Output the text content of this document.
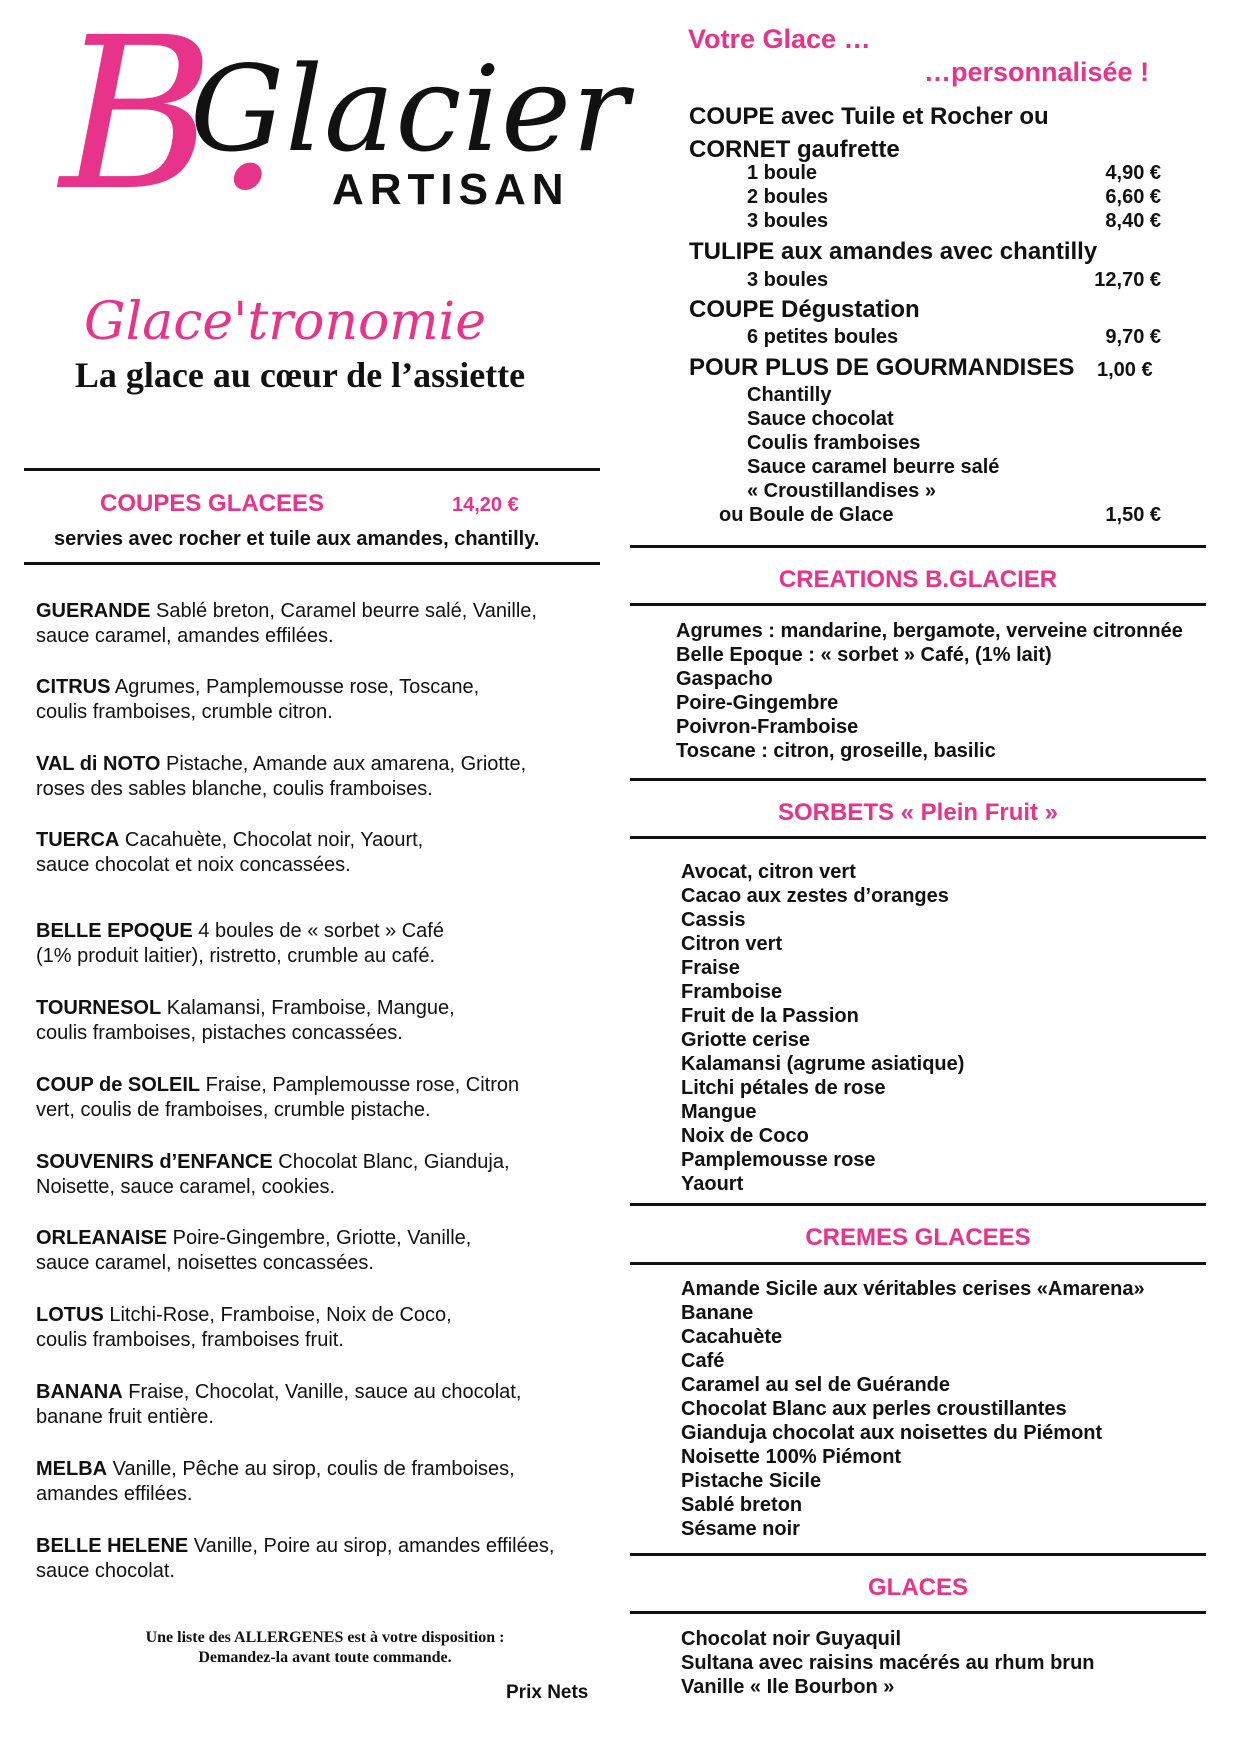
B.
Glacier
ARTISAN
Glace'tronomie
La glace au cœur de l’assiette
COUPES GLACEES	14,20 €
servies avec rocher et tuile aux amandes, chantilly.

GUERANDE Sablé breton, Caramel beurre salé, Vanille,

sauce caramel, amandes effilées.

CITRUS Agrumes, Pamplemousse rose, Toscane,

coulis framboises, crumble citron.

VAL di NOTO Pistache, Amande aux amarena, Griotte,

roses des sables blanche, coulis framboises.

TUERCA Cacahuète, Chocolat noir, Yaourt,

sauce chocolat et noix concassées.

BELLE EPOQUE 4 boules de « sorbet » Café

(1% produit laitier), ristretto, crumble au café.

TOURNESOL Kalamansi, Framboise, Mangue,

coulis framboises, pistaches concassées.

COUP de SOLEIL Fraise, Pamplemousse rose, Citron

vert, coulis de framboises, crumble pistache.

SOUVENIRS d’ENFANCE Chocolat Blanc, Gianduja,

Noisette, sauce caramel, cookies.

ORLEANAISE Poire-Gingembre, Griotte, Vanille,

sauce caramel, noisettes concassées.

LOTUS Litchi-Rose, Framboise, Noix de Coco,

coulis framboises, framboises fruit.

BANANA Fraise, Chocolat, Vanille, sauce au chocolat,

banane fruit entière.

MELBA Vanille, Pêche au sirop, coulis de framboises,

amandes effilées.

BELLE HELENE Vanille, Poire au sirop, amandes effilées,

sauce chocolat.

Une liste des ALLERGENES est à votre disposition :
Demandez-la avant toute commande.
Prix Nets
Votre Glace …
…personnalisée !
COUPE avec Tuile et Rocher ou
CORNET gaufrette
1 boule	4,90 €
2 boules	6,60 €
3 boules	8,40 €
TULIPE aux amandes avec chantilly
3 boules	12,70 €
COUPE Dégustation
6 petites boules	9,70 €
POUR PLUS DE GOURMANDISES 1,00 €
Chantilly
Sauce chocolat
Coulis framboises
Sauce caramel beurre salé
« Croustillandises »
ou Boule de Glace	1,50 €
CREATIONS B.GLACIER
Agrumes : mandarine, bergamote, verveine citronnée
Belle Epoque : « sorbet » Café, (1% lait)
Gaspacho
Poire-Gingembre
Poivron-Framboise
Toscane : citron, groseille, basilic
SORBETS « Plein Fruit »
Avocat, citron vert
Cacao aux zestes d’oranges
Cassis
Citron vert
Fraise
Framboise
Fruit de la Passion
Griotte cerise
Kalamansi (agrume asiatique)
Litchi pétales de rose
Mangue
Noix de Coco
Pamplemousse rose
Yaourt
CREMES GLACEES
Amande Sicile aux véritables cerises «Amarena»
Banane
Cacahuète
Café
Caramel au sel de Guérande
Chocolat Blanc aux perles croustillantes
Gianduja chocolat aux noisettes du Piémont
Noisette 100% Piémont
Pistache Sicile
Sablé breton
Sésame noir
GLACES
Chocolat noir Guyaquil
Sultana avec raisins macérés au rhum brun
Vanille « Ile Bourbon »
